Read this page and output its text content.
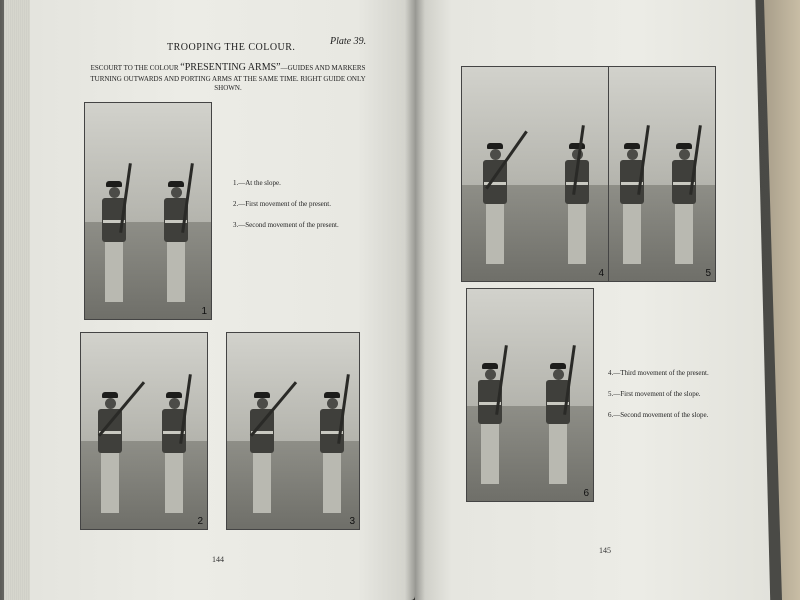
Plate 39.
TROOPING THE COLOUR.
ESCOURT TO THE COLOUR “PRESENTING ARMS”—GUIDES AND MARKERS TURNING OUTWARDS AND PORTING ARMS AT THE SAME TIME. RIGHT GUIDE ONLY SHOWN.
1
1.—At the slope.
2.—First movement of the present.
3.—Second movement of the present.
2	3
144
4	5
6
4.—Third movement of the present.
5.—First movement of the slope.
6.—Second movement of the slope.
145
